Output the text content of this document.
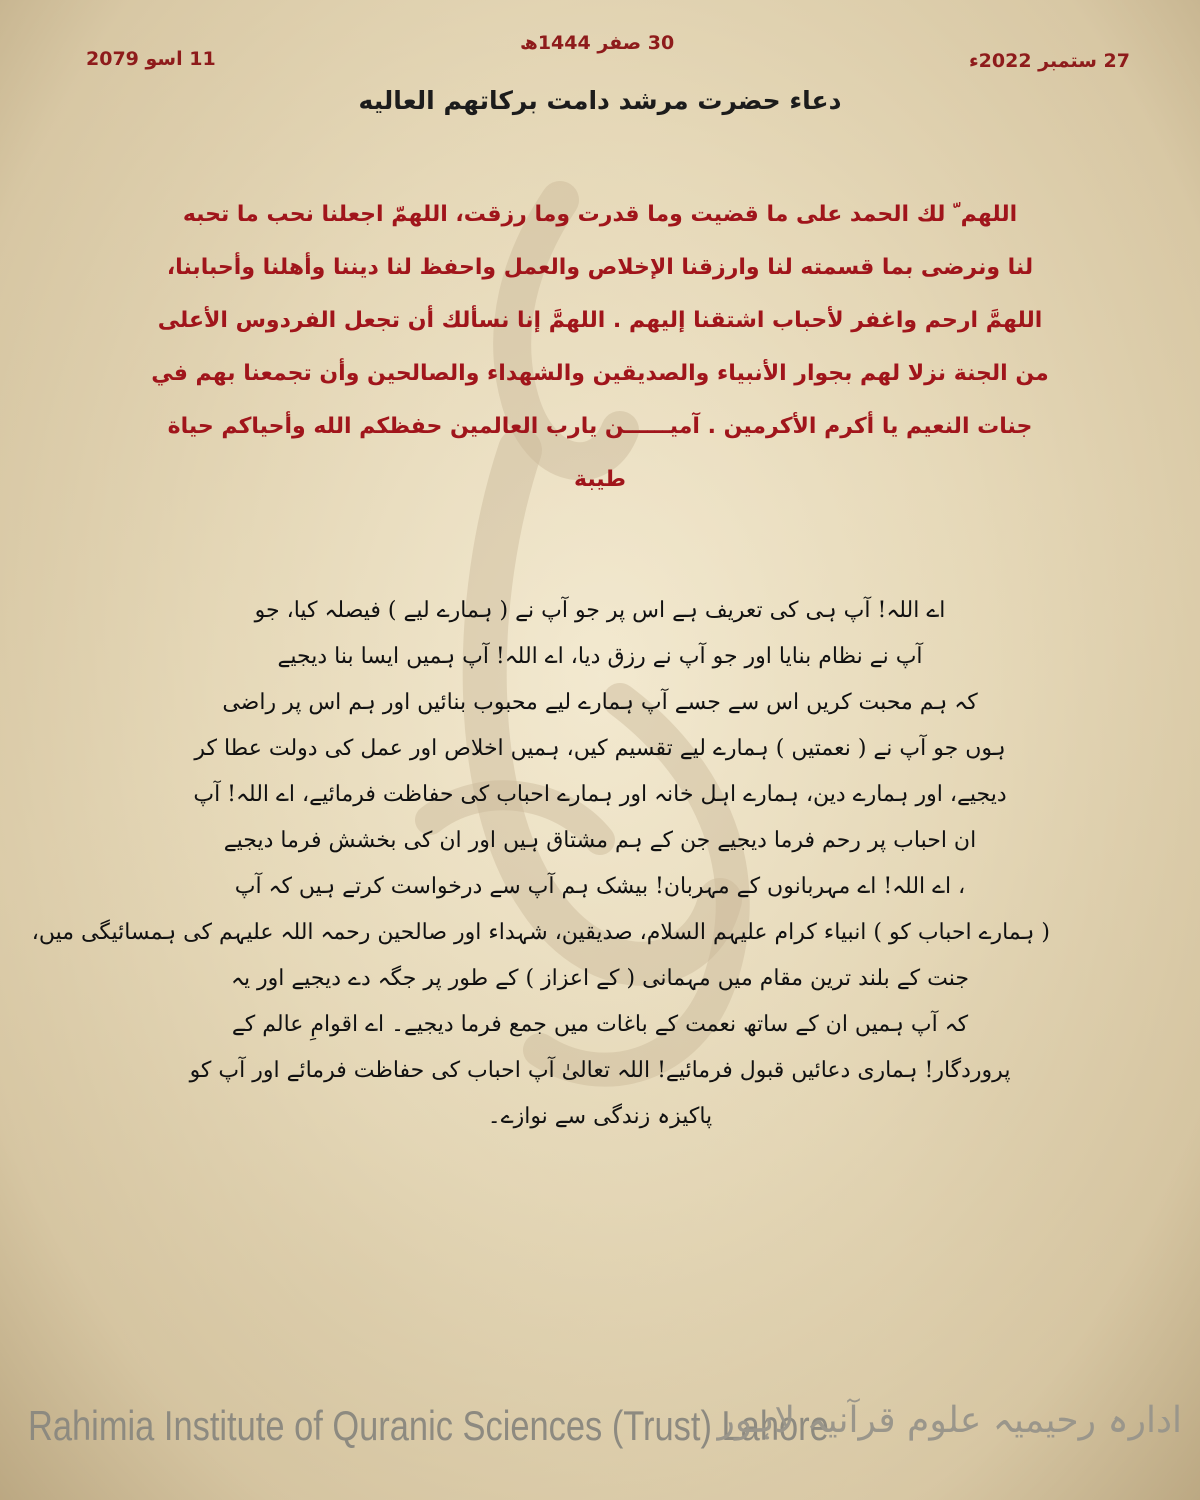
30 صفر 1444ھ
27 ستمبر 2022ء
11 اسو 2079
دعاء حضرت مرشد دامت برکاتهم العالیه
اللهم ّ لك الحمد على ما قضيت وما قدرت وما رزقت، اللهمّ اجعلنا نحب ما تحبه
لنا ونرضى بما قسمته لنا وارزقنا الإخلاص والعمل واحفظ لنا ديننا وأهلنا وأحبابنا،
اللهمَّ ارحم واغفر لأحباب اشتقنا إليهم . اللهمَّ إنا نسألك أن تجعل الفردوس الأعلى
من الجنة نزلا لهم بجوار الأنبياء والصديقين والشهداء والصالحين وأن تجمعنا بهم في
جنات النعيم يا أكرم الأكرمين . آميــــــن يارب العالمين حفظكم الله وأحياكم حياة
طيبة
اے اللہ! آپ ہی کی تعریف ہے اس پر جو آپ نے ( ہمارے لیے ) فیصلہ کیا، جو
آپ نے نظام بنایا اور جو آپ نے رزق دیا، اے اللہ! آپ ہمیں ایسا بنا دیجیے
کہ ہم محبت کریں اس سے جسے آپ ہمارے لیے محبوب بنائیں اور ہم اس پر راضی
ہوں جو آپ نے ( نعمتیں ) ہمارے لیے تقسیم کیں، ہمیں اخلاص اور عمل کی دولت عطا کر
دیجیے، اور ہمارے دین، ہمارے اہل خانہ اور ہمارے احباب کی حفاظت فرمائیے، اے اللہ! آپ
ان احباب پر رحم فرما دیجیے جن کے ہم مشتاق ہیں اور ان کی بخشش فرما دیجیے
، اے اللہ! اے مہربانوں کے مہربان! بیشک ہم آپ سے درخواست کرتے ہیں کہ آپ
( ہمارے احباب کو ) انبیاء کرام علیہم السلام، صدیقین، شہداء اور صالحین رحمہ اللہ علیہم کی ہمسائیگی میں،
جنت کے بلند ترین مقام میں مہمانی ( کے اعزاز ) کے طور پر جگہ دے دیجیے اور یہ
کہ آپ ہمیں ان کے ساتھ نعمت کے باغات میں جمع فرما دیجیے۔ اے اقوامِ عالم کے
پروردگار! ہماری دعائیں قبول فرمائیے! اللہ تعالیٰ آپ احباب کی حفاظت فرمائے اور آپ کو
پاکیزہ زندگی سے نوازے۔
Rahimia Institute of Quranic Sciences (Trust) Lahore
ادارہ رحیمیہ علوم قرآنیہ لاہور
